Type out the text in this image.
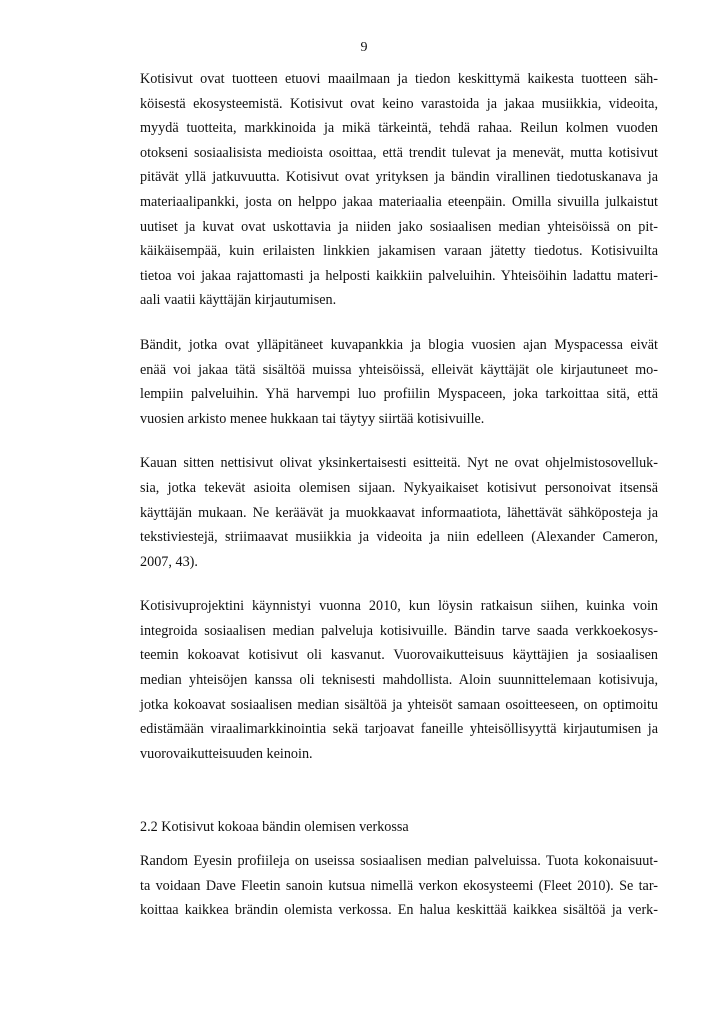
9

Kotisivut ovat tuotteen etuovi maailmaan ja tiedon keskittymä kaikesta tuotteen säh-
köisestä ekosysteemistä. Kotisivut ovat keino varastoida ja jakaa musiikkia, videoita,
myydä tuotteita, markkinoida ja mikä tärkeintä, tehdä rahaa. Reilun kolmen vuoden
otokseni sosiaalisista medioista osoittaa, että trendit tulevat ja menevät, mutta kotisivut
pitävät yllä jatkuvuutta. Kotisivut ovat yrityksen ja bändin virallinen tiedotuskanava ja
materiaalipankki, josta on helppo jakaa materiaalia eteenpäin. Omilla sivuilla julkaistut
uutiset ja kuvat ovat uskottavia ja niiden jako sosiaalisen median yhteisöissä on pit-
käikäisempää, kuin erilaisten linkkien jakamisen varaan jätetty tiedotus. Kotisivuilta
tietoa voi jakaa rajattomasti ja helposti kaikkiin palveluihin. Yhteisöihin ladattu materi-
aali vaatii käyttäjän kirjautumisen.

Bändit, jotka ovat ylläpitäneet kuvapankkia ja blogia vuosien ajan Myspacessa eivät
enää voi jakaa tätä sisältöä muissa yhteisöissä, elleivät käyttäjät ole kirjautuneet mo-
lempiin palveluihin. Yhä harvempi luo profiilin Myspaceen, joka tarkoittaa sitä, että
vuosien arkisto menee hukkaan tai täytyy siirtää kotisivuille.

Kauan sitten nettisivut olivat yksinkertaisesti esitteitä. Nyt ne ovat ohjelmistosovelluk-
sia, jotka tekevät asioita olemisen sijaan. Nykyaikaiset kotisivut personoivat itsensä
käyttäjän mukaan. Ne keräävät ja muokkaavat informaatiota, lähettävät sähköposteja ja
tekstiviestejä, striimaavat musiikkia ja videoita ja niin edelleen (Alexander Cameron,
2007, 43).

Kotisivuprojektini käynnistyi vuonna 2010, kun löysin ratkaisun siihen, kuinka voin
integroida sosiaalisen median palveluja kotisivuille. Bändin tarve saada verkkoekosys-
teemin kokoavat kotisivut oli kasvanut. Vuorovaikutteisuus käyttäjien ja sosiaalisen
median yhteisöjen kanssa oli teknisesti mahdollista. Aloin suunnittelemaan kotisivuja,
jotka kokoavat sosiaalisen median sisältöä ja yhteisöt samaan osoitteeseen, on optimoitu
edistämään viraalimarkkinointia sekä tarjoavat faneille yhteisöllisyyttä kirjautumisen ja
vuorovaikutteisuuden keinoin.

2.2 Kotisivut kokoaa bändin olemisen verkossa

Random Eyesin profiileja on useissa sosiaalisen median palveluissa. Tuota kokonaisuut-
ta voidaan Dave Fleetin sanoin kutsua nimellä verkon ekosysteemi (Fleet 2010). Se tar-
koittaa kaikkea brändin olemista verkossa. En halua keskittää kaikkea sisältöä ja verk-
